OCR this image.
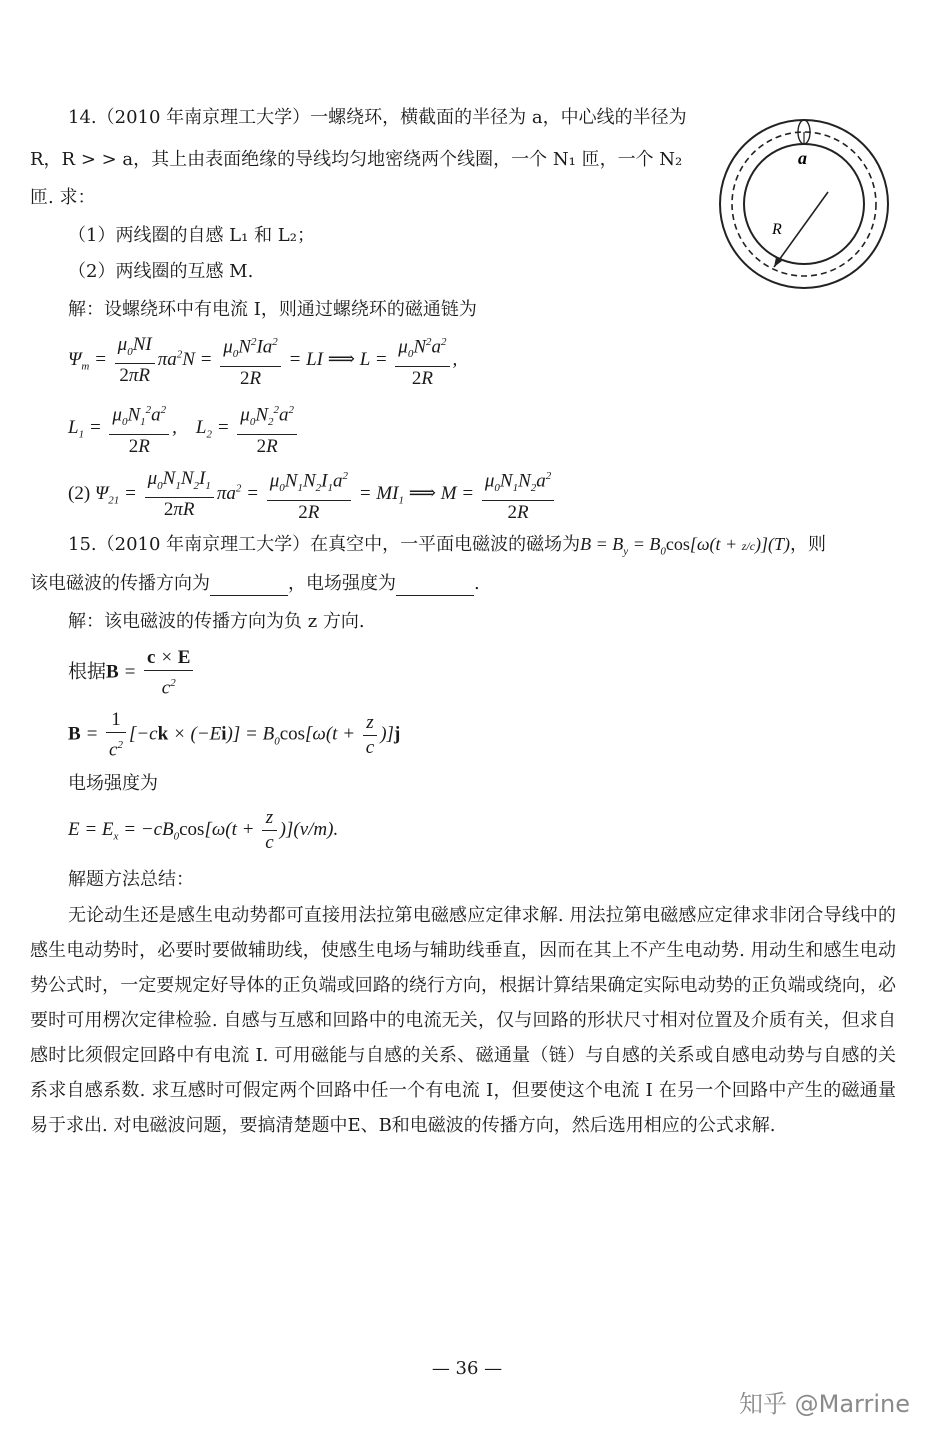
14.（2010 年南京理工大学）一螺绕环，横截面的半径为 a，中心线的半径为
R，R > > a，其上由表面绝缘的导线均匀地密绕两个线圈，一个 N₁ 匝，一个 N₂
匝. 求：
（1）两线圈的自感 L₁ 和 L₂；
（2）两线圈的互感 M.
解：设螺绕环中有电流 I，则通过螺绕环的磁通链为
a
R
$\Psi_m = \frac{\mu_0NI}{2\pi R} \pi a^2N = \frac{\mu_0N^2Ia^2}{2R}$ = LI ⟹ $L = \frac{\mu_0N^2a^2}{2R}$ ,
$L_1 = \frac{\mu_0N_1^2a^2}{2R}$ ,    $L_2 = \frac{\mu_0N_2^2a^2}{2R}$
(2) $\Psi_{21} = \frac{\mu_0N_1N_2I_1}{2\pi R} \pi a^2 = \frac{\mu_0N_1N_2I_1a^2}{2R} = MI_1$ ⟹ $M = \frac{\mu_0N_1N_2a^2}{2R}$
15.（2010 年南京理工大学）在真空中，一平面电磁波的磁场为$B = B_y = B_0\cos[\omega(t + z/c)](T)$，则
该电磁波的传播方向为	，电场强度为	.
解：该电磁波的传播方向为负 z 方向.
根据$B = \frac{c \times E}{c^2}$
$B = \frac{1}{c^2} [-ck \times (-Ei)] = B_0\cos[\omega(t + \frac{z}{c} )]j$
电场强度为
$E = E_x = -cB_0\cos[\omega(t + \frac{z}{c} )](v/m)$.
解题方法总结：
无论动生还是感生电动势都可直接用法拉第电磁感应定律求解. 用法拉第电磁感应定律求非闭合导线中的感生电动势时，必要时要做辅助线，使感生电场与辅助线垂直，因而在其上不产生电动势. 用动生和感生电动势公式时，一定要规定好导体的正负端或回路的绕行方向，根据计算结果确定实际电动势的正负端或绕向，必要时可用楞次定律检验. 自感与互感和回路中的电流无关，仅与回路的形状尺寸相对位置及介质有关，但求自感时比须假定回路中有电流 I. 可用磁能与自感的关系、磁通量（链）与自感的关系或自感电动势与自感的关系求自感系数. 求互感时可假定两个回路中任一个有电流 I，但要使这个电流 I 在另一个回路中产生的磁通量易于求出. 对电磁波问题，要搞清楚题中E、B和电磁波的传播方向，然后选用相应的公式求解.
— 36 —
知乎 @Marrine
